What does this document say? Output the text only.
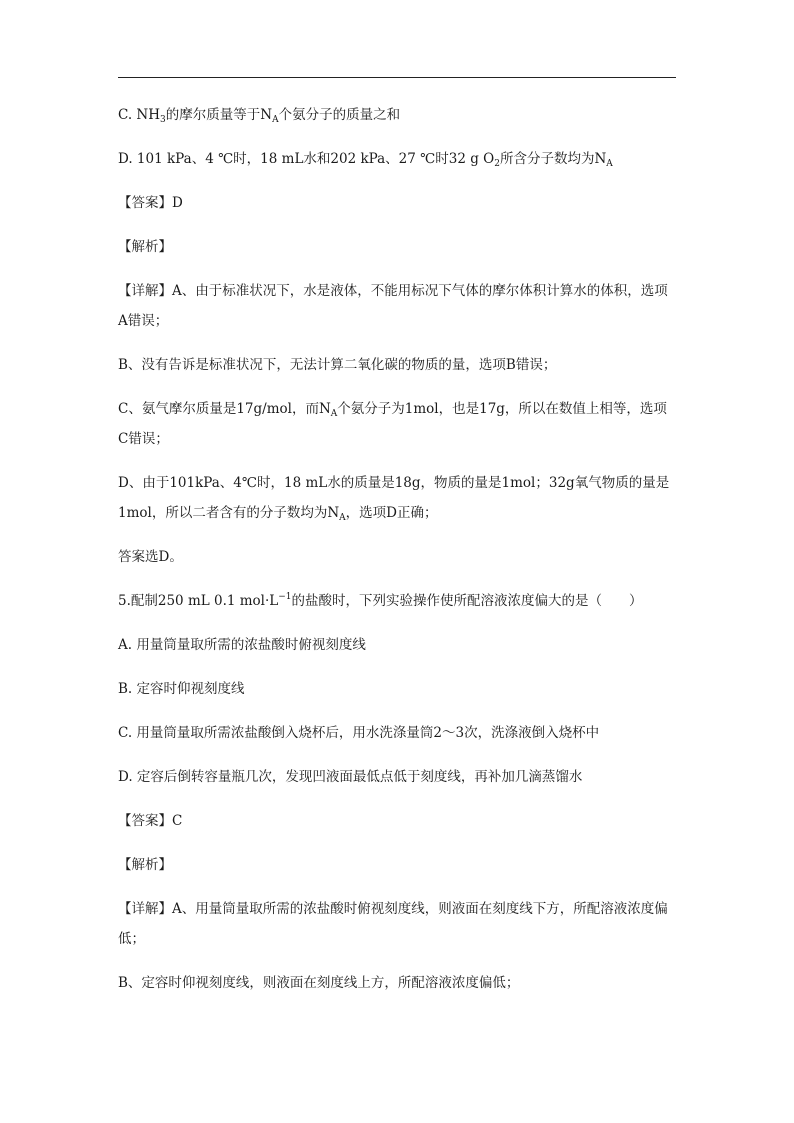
C. $NH_3$的摩尔质量等于$N_A$个氨分子的质量之和

D. 101 kPa、4 ℃时，18 mL水和202 kPa、27 ℃时32 g $O_2$所含分子数均为$N_A$

【答案】D

【解析】

【详解】A、由于标准状况下，水是液体，不能用标况下气体的摩尔体积计算水的体积，选项A错误；

B、没有告诉是标准状况下，无法计算二氧化碳的物质的量，选项B错误；

C、氨气摩尔质量是17g/mol，而$N_A$个氨分子为1mol，也是17g，所以在数值上相等，选项C错误；

D、由于101kPa、4℃时，18 mL水的质量是18g，物质的量是1mol；32g氧气物质的量是1mol，所以二者含有的分子数均为$N_A$，选项D正确；

答案选D。

5.配制250 mL 0.1 $mol\cdot L^{-1}$的盐酸时，下列实验操作使所配溶液浓度偏大的是（　　）

A. 用量筒量取所需的浓盐酸时俯视刻度线

B. 定容时仰视刻度线

C. 用量筒量取所需浓盐酸倒入烧杯后，用水洗涤量筒2～3次，洗涤液倒入烧杯中

D. 定容后倒转容量瓶几次，发现凹液面最低点低于刻度线，再补加几滴蒸馏水

【答案】C

【解析】

【详解】A、用量筒量取所需的浓盐酸时俯视刻度线，则液面在刻度线下方，所配溶液浓度偏低；

B、定容时仰视刻度线，则液面在刻度线上方，所配溶液浓度偏低；
